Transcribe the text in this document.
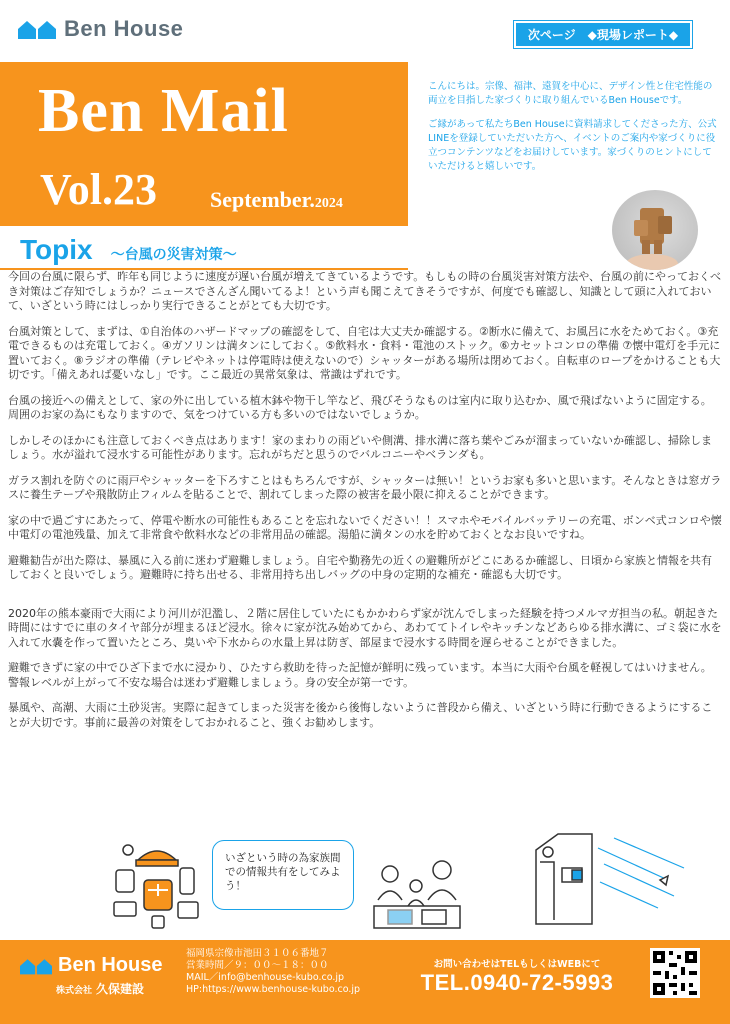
Ben House	次ページ ◆現場レポート◆
Ben Mail
Vol.23 September.2024

こんにちは。宗像、福津、遠賀を中心に、デザイン性と住宅性能の両立を目指した家づくりに取り組んでいるBen Houseです。

ご縁があって私たちBen Houseに資料請求してくださった方、公式LINEを登録していただいた方へ、イベントのご案内や家づくりに役立つコンテンツなどをお届けしています。家づくりのヒントにしていただけると嬉しいです。

Topix ～台風の災害対策～

今回の台風に限らず、昨年も同じように速度が遅い台風が増えてきているようです。もしもの時の台風災害対策方法や、台風の前にやっておくべき対策はご存知でしょうか？ニュースでさんざん聞いてるよ！という声も聞こえてきそうですが、何度でも確認し、知識として頭に入れておいて、いざという時にはしっかり実行できることがとても大切です。

台風対策として、まずは、①自治体のハザードマップの確認をして、自宅は大丈夫か確認する。②断水に備えて、お風呂に水をためておく。③充電できるものは充電しておく。④ガソリンは満タンにしておく。⑤飲料水・食料・電池のストック。⑥カセットコンロの準備 ⑦懐中電灯を手元に置いておく。⑧ラジオの準備（テレビやネットは停電時は使えないので）シャッターがある場所は閉めておく。自転車のロープをかけることも大切です。「備えあれば憂いなし」です。ここ最近の異常気象は、常識はずれです。

台風の接近への備えとして、家の外に出している植木鉢や物干し竿など、飛びそうなものは室内に取り込むか、風で飛ばないように固定する。周囲のお家の為にもなりますので、気をつけている方も多いのではないでしょうか。

しかしそのほかにも注意しておくべき点はあります！家のまわりの雨どいや側溝、排水溝に落ち葉やごみが溜まっていないか確認し、掃除しましょう。水が溢れて浸水する可能性があります。忘れがちだと思うのでバルコニーやベランダも。

ガラス割れを防ぐのに雨戸やシャッターを下ろすことはもちろんですが、シャッターは無い！というお家も多いと思います。そんなときは窓ガラスに養生テープや飛散防止フィルムを貼ることで、割れてしまった際の被害を最小限に抑えることができます。

家の中で過ごすにあたって、停電や断水の可能性もあることを忘れないでください！！スマホやモバイルバッテリーの充電、ボンベ式コンロや懐中電灯の電池残量、加えて非常食や飲料水などの非常用品の確認。湯船に満タンの水を貯めておくとなお良いですね。

避難勧告が出た際は、暴風に入る前に迷わず避難しましょう。自宅や勤務先の近くの避難所がどこにあるか確認し、日頃から家族と情報を共有しておくと良いでしょう。避難時に持ち出せる、非常用持ち出しバッグの中身の定期的な補充・確認も大切です。

2020年の熊本豪雨で大雨により河川が氾濫し、２階に居住していたにもかかわらず家が沈んでしまった経験を持つメルマガ担当の私。朝起きた時間にはすでに車のタイヤ部分が埋まるほど浸水。徐々に家が沈み始めてから、あわててトイレやキッチンなどあらゆる排水溝に、ゴミ袋に水を入れて水嚢を作って置いたところ、臭いや下水からの水量上昇は防ぎ、部屋まで浸水する時間を遅らせることができました。

避難できずに家の中でひざ下まで水に浸かり、ひたすら救助を待った記憶が鮮明に残っています。本当に大雨や台風を軽視してはいけません。警報レベルが上がって不安な場合は迷わず避難しましょう。身の安全が第一です。

暴風や、高潮、大雨に土砂災害。実際に起きてしまった災害を後から後悔しないように普段から備え、いざという時に行動できるようにすることが大切です。事前に最善の対策をしておかれること、強くお勧めします。

いざという時の為家族間での情報共有をしてみよう！
Ben House
株式会社 久保建設
福岡県宗像市池田３１０６番地７
営業時間／９：００～１８：００
MAIL／info@benhouse-kubo.co.jp
HP:https://www.benhouse-kubo.co.jp
お問い合わせはTELもしくはWEBにて
TEL.0940-72-5993
